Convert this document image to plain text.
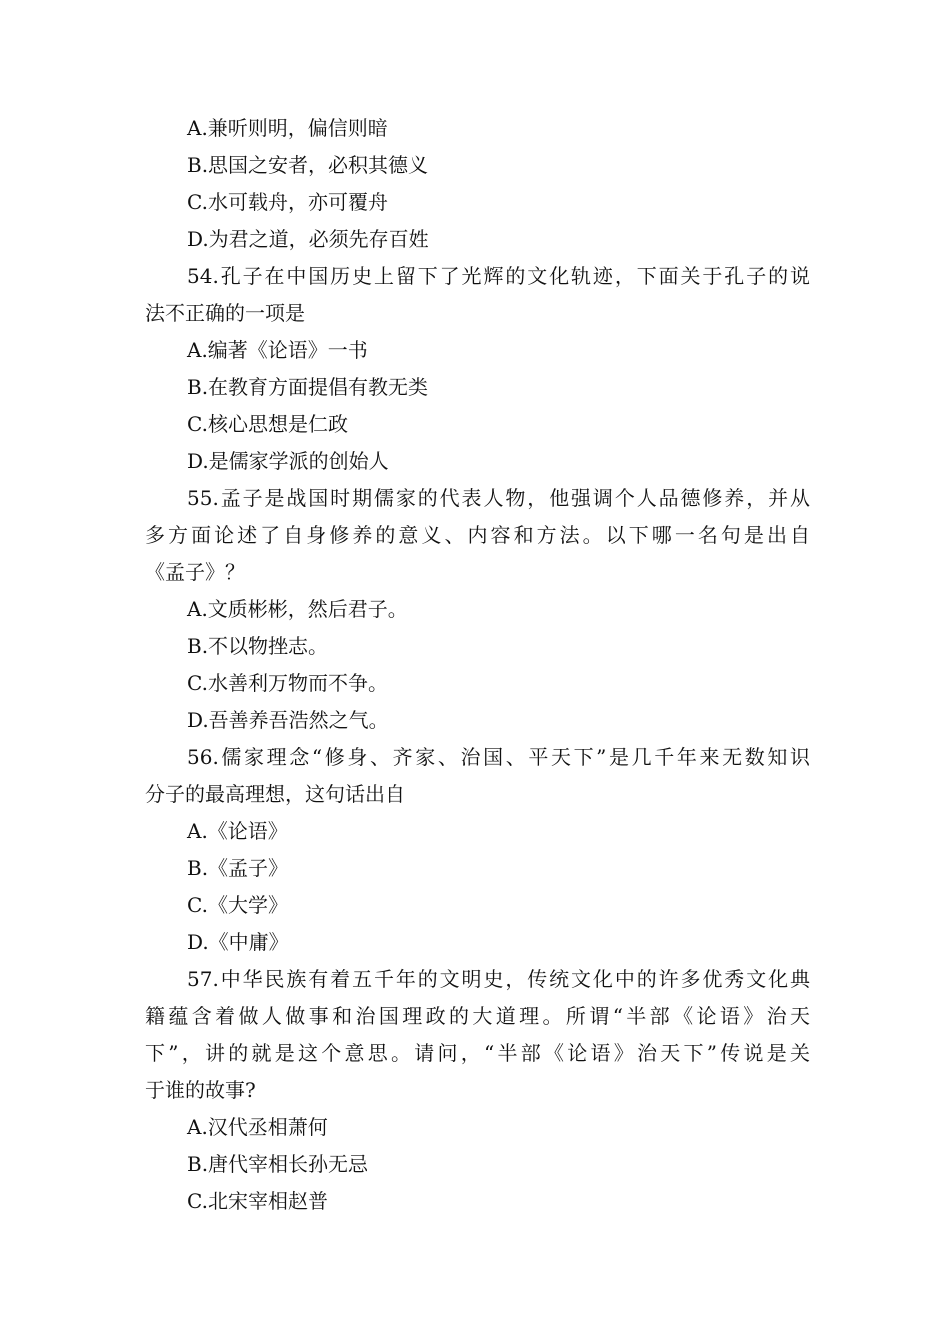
A.兼听则明，偏信则暗
B.思国之安者，必积其德义
C.水可载舟，亦可覆舟
D.为君之道，必须先存百姓
54.孔子在中国历史上留下了光辉的文化轨迹，下面关于孔子的说
法不正确的一项是
A.编著《论语》一书
B.在教育方面提倡有教无类
C.核心思想是仁政
D.是儒家学派的创始人
55.孟子是战国时期儒家的代表人物，他强调个人品德修养，并从
多方面论述了自身修养的意义、内容和方法。以下哪一名句是出自
《孟子》？
A.文质彬彬，然后君子。
B.不以物挫志。
C.水善利万物而不争。
D.吾善养吾浩然之气。
56.儒家理念“修身、齐家、治国、平天下”是几千年来无数知识
分子的最高理想，这句话出自
A.《论语》
B.《孟子》
C.《大学》
D.《中庸》
57.中华民族有着五千年的文明史，传统文化中的许多优秀文化典
籍蕴含着做人做事和治国理政的大道理。所谓“半部《论语》治天
下”，讲的就是这个意思。请问，“半部《论语》治天下”传说是关
于谁的故事?
A.汉代丞相萧何
B.唐代宰相长孙无忌
C.北宋宰相赵普
